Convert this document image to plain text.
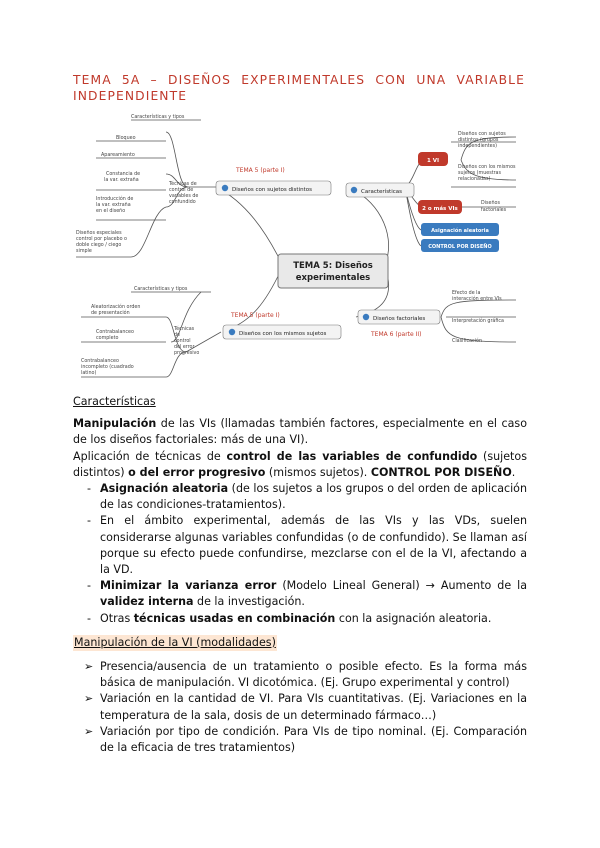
TEMA 5A – DISEÑOS EXPERIMENTALES CON UNA VARIABLE
INDEPENDIENTE
TEMA 5: Diseños
experimentales
TEMA 5 (parte I)
Diseños con sujetos distintos
Técnicas de
control de
variables de
confundido
Características y tipos
Bloqueo
Apareamiento
Constancia de
la var. extraña
Introducción de
la var. extraña
en el diseño
Diseños especiales
control por placebo o
doble ciego / ciego
simple
TEMA 5 (parte I)
Diseños con los mismos sujetos
Técnicas
de
control
del error
progresivo
Características y tipos
Aleatorización orden
de presentación
Contrabalanceo
completo
Contrabalanceo
incompleto (cuadrado
latino)
Características
1 VI
2 o más VIs
Diseños con sujetos
distintos (grupos
independientes)
Diseños con los mismos
sujetos (muestras
relacionadas)
Diseños
factoriales
Asignación aleatoria
CONTROL POR DISEÑO
Diseños factoriales
TEMA 6 (parte II)
Efecto de la
interacción entre VIs
Interpretación gráfica
Clasificación

Características

Manipulación de las VIs (llamadas también factores, especialmente en el caso de los diseños factoriales: más de una VI).

Aplicación de técnicas de control de las variables de confundido (sujetos distintos) o del error progresivo (mismos sujetos). CONTROL POR DISEÑO.

- Asignación aleatoria (de los sujetos a los grupos o del orden de aplicación de las condiciones-tratamientos).
- En el ámbito experimental, además de las VIs y las VDs, suelen considerarse algunas variables confundidas (o de confundido). Se llaman así porque su efecto puede confundirse, mezclarse con el de la VI, afectando a la VD.
- Minimizar la varianza error (Modelo Lineal General) → Aumento de la validez interna de la investigación.
- Otras técnicas usadas en combinación con la asignación aleatoria.

Manipulación de la VI (modalidades)

➢ Presencia/ausencia de un tratamiento o posible efecto. Es la forma más básica de manipulación. VI dicotómica. (Ej. Grupo experimental y control)
➢ Variación en la cantidad de VI. Para VIs cuantitativas. (Ej. Variaciones en la temperatura de la sala, dosis de un determinado fármaco…)
➢ Variación por tipo de condición. Para VIs de tipo nominal. (Ej. Comparación de la eficacia de tres tratamientos)
